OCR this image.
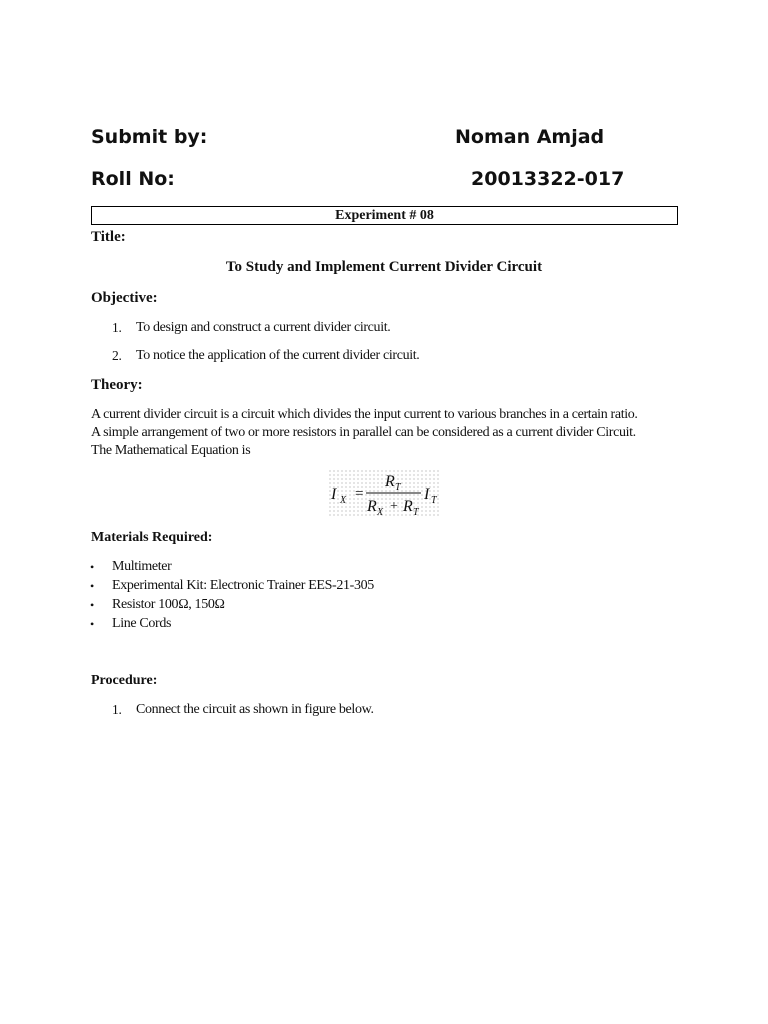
Submit by:	Noman Amjad
Roll No:	20013322-017
Experiment # 08
Title:
To Study and Implement Current Divider Circuit
Objective:
1. To design and construct a current divider circuit.
2. To notice the application of the current divider circuit.
Theory:
A current divider circuit is a circuit which divides the input current to various branches in a certain ratio.
A simple arrangement of two or more resistors in parallel can be considered as a current divider Circuit.
The Mathematical Equation is
I X =
R T
R X + R T
I T
Materials Required:
• Multimeter
• Experimental Kit: Electronic Trainer EES-21-305
• Resistor 100Ω, 150Ω
• Line Cords
Procedure:
1. Connect the circuit as shown in figure below.
